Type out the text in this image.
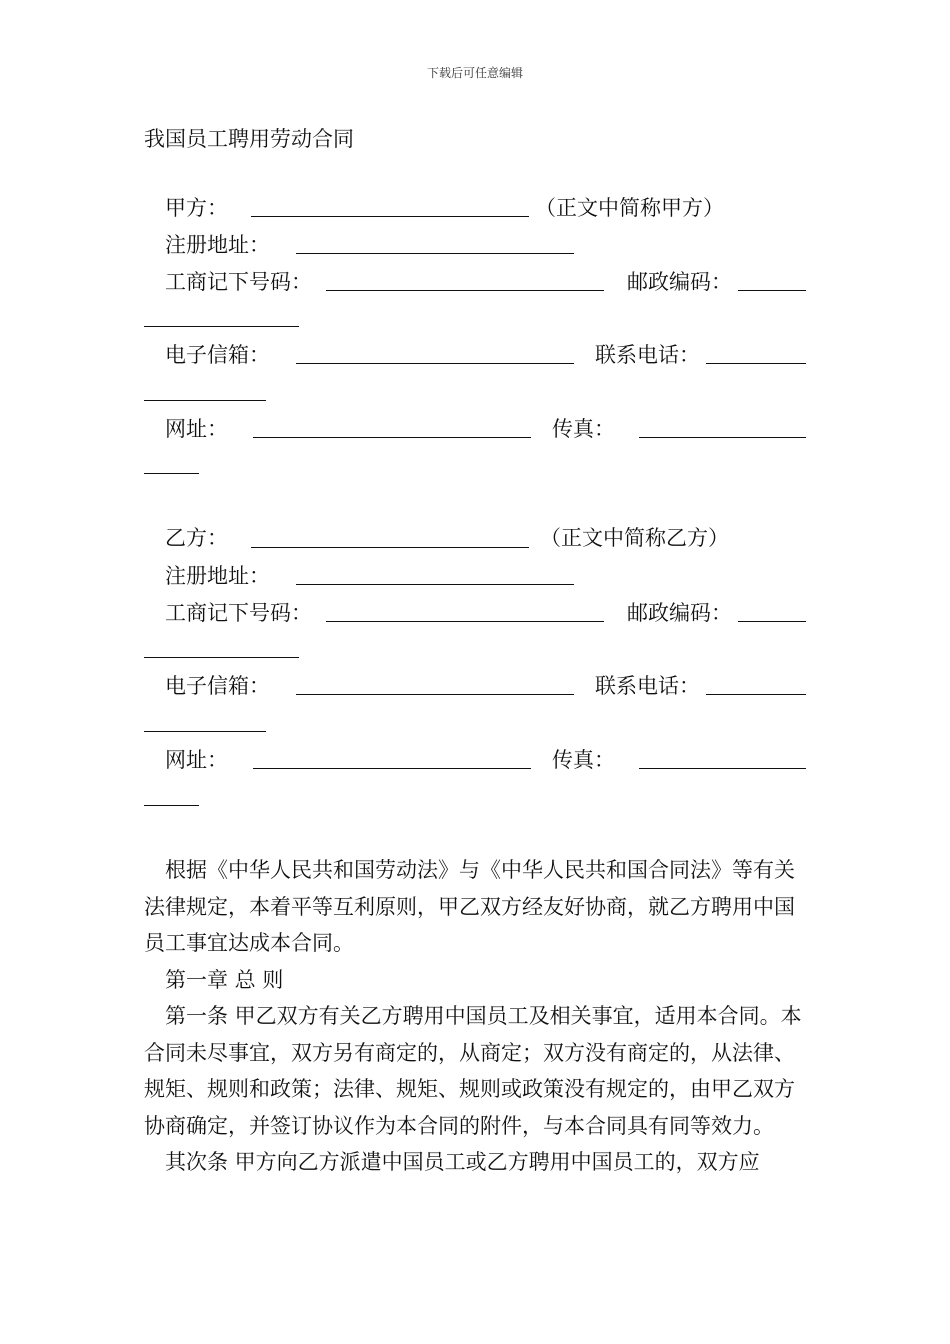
下载后可任意编辑
我国员工聘用劳动合同
甲方：	（正文中简称甲方）
注册地址：
工商记下号码：	邮政编码：
电子信箱：	联系电话：
网址：	传真：
乙方：	（正文中简称乙方）
注册地址：
工商记下号码：	邮政编码：
电子信箱：	联系电话：
网址：	传真：

根据《中华人民共和国劳动法》与《中华人民共和国合同法》等有关法律规定，本着平等互利原则，甲乙双方经友好协商，就乙方聘用中国员工事宜达成本合同。

第一章 总 则

第一条 甲乙双方有关乙方聘用中国员工及相关事宜，适用本合同。本合同未尽事宜，双方另有商定的，从商定；双方没有商定的，从法律、规矩、规则和政策；法律、规矩、规则或政策没有规定的，由甲乙双方协商确定，并签订协议作为本合同的附件，与本合同具有同等效力。

其次条 甲方向乙方派遣中国员工或乙方聘用中国员工的，双方应
